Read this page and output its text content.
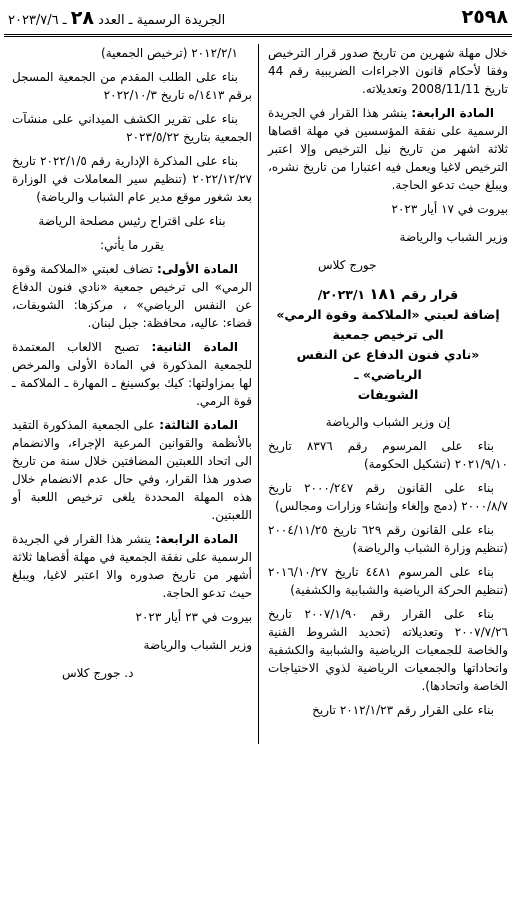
٢٥٩٨
الجريدة الرسمية ـ العدد ٢٨ ـ ٢٠٢٣/٧/٦

خلال مهلة شهرين من تاريخ صدور قرار الترخيص وفقا لأحكام قانون الاجراءات الضريبية رقم 44 تاريخ 2008/11/11 وتعديلاته.

المادة الرابعة: ينشر هذا القرار في الجريدة الرسمية على نفقة المؤسسين في مهلة اقصاها ثلاثة اشهر من تاريخ نيل الترخيص وإلا اعتبر الترخيص لاغيا ويعمل فيه اعتبارا من تاريخ نشره، ويبلغ حيث تدعو الحاجة.

بيروت في ١٧ أيار ٢٠٢٣

وزير الشباب والرياضة

جورج كلاس

قرار رقم ١٨١ ٢٠٢٣/١/
إضافة لعبتي «الملاكمة وقوة الرمي»
الى ترخيص جمعية
«نادي فنون الدفاع عن النفس الرياضي» ـ
الشويفات

إن وزير الشباب والرياضة

بناء على المرسوم رقم ٨٣٧٦ تاريخ ٢٠٢١/٩/١٠ (تشكيل الحكومة)

بناء على القانون رقم ٢٠٠٠/٢٤٧ تاريخ ٢٠٠٠/٨/٧ (دمج وإلغاء وإنشاء وزارات ومجالس)

بناء على القانون رقم ٦٢٩ تاريخ ٢٠٠٤/١١/٢٥ (تنظيم وزارة الشباب والرياضة)

بناء على المرسوم ٤٤٨١ تاريخ ٢٠١٦/١٠/٢٧ (تنظيم الحركة الرياضية والشبابية والكشفية)

بناء على القرار رقم ٢٠٠٧/١/٩٠ تاريخ ٢٠٠٧/٧/٢٦ وتعديلاته (تحديد الشروط الفنية والخاصة للجمعيات الرياضية والشبابية والكشفية واتحاداتها والجمعيات الرياضية لذوي الاحتياجات الخاصة واتحادها).

بناء على القرار رقم ٢٠١٢/١/٢٣ تاريخ

٢٠١٢/٢/١ (ترخيص الجمعية)

بناء على الطلب المقدم من الجمعية المسجل برقم ١٤١٣/ه تاريخ ٢٠٢٢/١٠/٣

بناء على تقرير الكشف الميداني على منشآت الجمعية بتاريخ ٢٠٢٣/٥/٢٢

بناء على المذكرة الإدارية رقم ٢٠٢٢/١/٥ تاريخ ٢٠٢٢/١٢/٢٧ (تنظيم سير المعاملات في الوزارة بعد شغور موقع مدير عام الشباب والرياضة)

بناء على اقتراح رئيس مصلحة الرياضة

يقرر ما يأتي:

المادة الأولى: تضاف لعبتي «الملاكمة وقوة الرمي» الى ترخيص جمعية «نادي فنون الدفاع عن النفس الرياضي» ، مركزها: الشويفات، قضاء: عاليه، محافظة: جبل لبنان.

المادة الثانية: تصبح الالعاب المعتمدة للجمعية المذكورة في المادة الأولى والمرخص لها بمزاولتها: كيك بوكسينغ ـ المهارة ـ الملاكمة ـ قوة الرمي.

المادة الثالثة: على الجمعية المذكورة التقيد بالأنظمة والقوانين المرعية الإجراء، والانضمام الى اتحاد اللعبتين المضافتين خلال سنة من تاريخ صدور هذا القرار، وفي حال عدم الانضمام خلال هذه المهلة المحددة يلغى ترخيص اللعبة أو اللعبتين.

المادة الرابعة: ينشر هذا القرار في الجريدة الرسمية على نفقة الجمعية في مهلة أقصاها ثلاثة أشهر من تاريخ صدوره والا اعتبر لاغيا، ويبلغ حيث تدعو الحاجة.

بيروت في ٢٣ أيار ٢٠٢٣

وزير الشباب والرياضة

د. جورج كلاس
